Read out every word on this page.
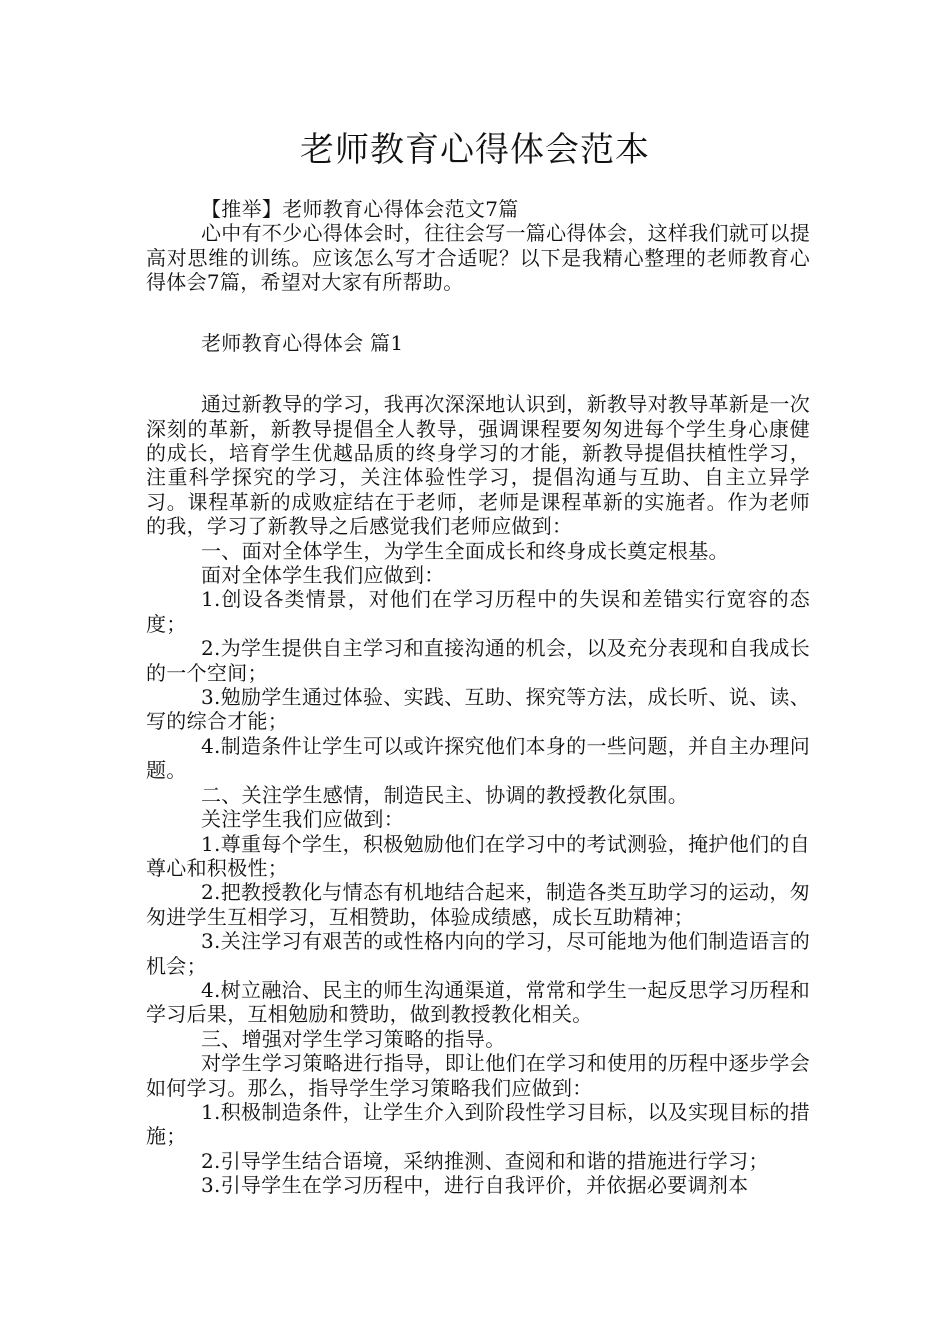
老师教育心得体会范本

【推举】老师教育心得体会范文7篇

心中有不少心得体会时，往往会写一篇心得体会，这样我们就可以提高对思维的训练。应该怎么写才合适呢？以下是我精心整理的老师教育心得体会7篇，希望对大家有所帮助。

老师教育心得体会 篇1

通过新教导的学习，我再次深深地认识到，新教导对教导革新是一次深刻的革新，新教导提倡全人教导，强调课程要匆匆进每个学生身心康健的成长，培育学生优越品质的终身学习的才能，新教导提倡扶植性学习，注重科学探究的学习，关注体验性学习，提倡沟通与互助、自主立异学习。课程革新的成败症结在于老师，老师是课程革新的实施者。作为老师的我，学习了新教导之后感觉我们老师应做到：

一、面对全体学生，为学生全面成长和终身成长奠定根基。

面对全体学生我们应做到：

1.创设各类情景，对他们在学习历程中的失误和差错实行宽容的态度；

2.为学生提供自主学习和直接沟通的机会，以及充分表现和自我成长的一个空间；

3.勉励学生通过体验、实践、互助、探究等方法，成长听、说、读、写的综合才能；

4.制造条件让学生可以或许探究他们本身的一些问题，并自主办理问题。

二、关注学生感情，制造民主、协调的教授教化氛围。

关注学生我们应做到：

1.尊重每个学生，积极勉励他们在学习中的考试测验，掩护他们的自尊心和积极性；

2.把教授教化与情态有机地结合起来，制造各类互助学习的运动，匆匆进学生互相学习，互相赞助，体验成绩感，成长互助精神；

3.关注学习有艰苦的或性格内向的学习，尽可能地为他们制造语言的机会；

4.树立融洽、民主的师生沟通渠道，常常和学生一起反思学习历程和学习后果，互相勉励和赞助，做到教授教化相关。

三、增强对学生学习策略的指导。

对学生学习策略进行指导，即让他们在学习和使用的历程中逐步学会如何学习。那么，指导学生学习策略我们应做到：

1.积极制造条件，让学生介入到阶段性学习目标，以及实现目标的措施；

2.引导学生结合语境，采纳推测、查阅和和谐的措施进行学习；

3.引导学生在学习历程中，进行自我评价，并依据必要调剂本
